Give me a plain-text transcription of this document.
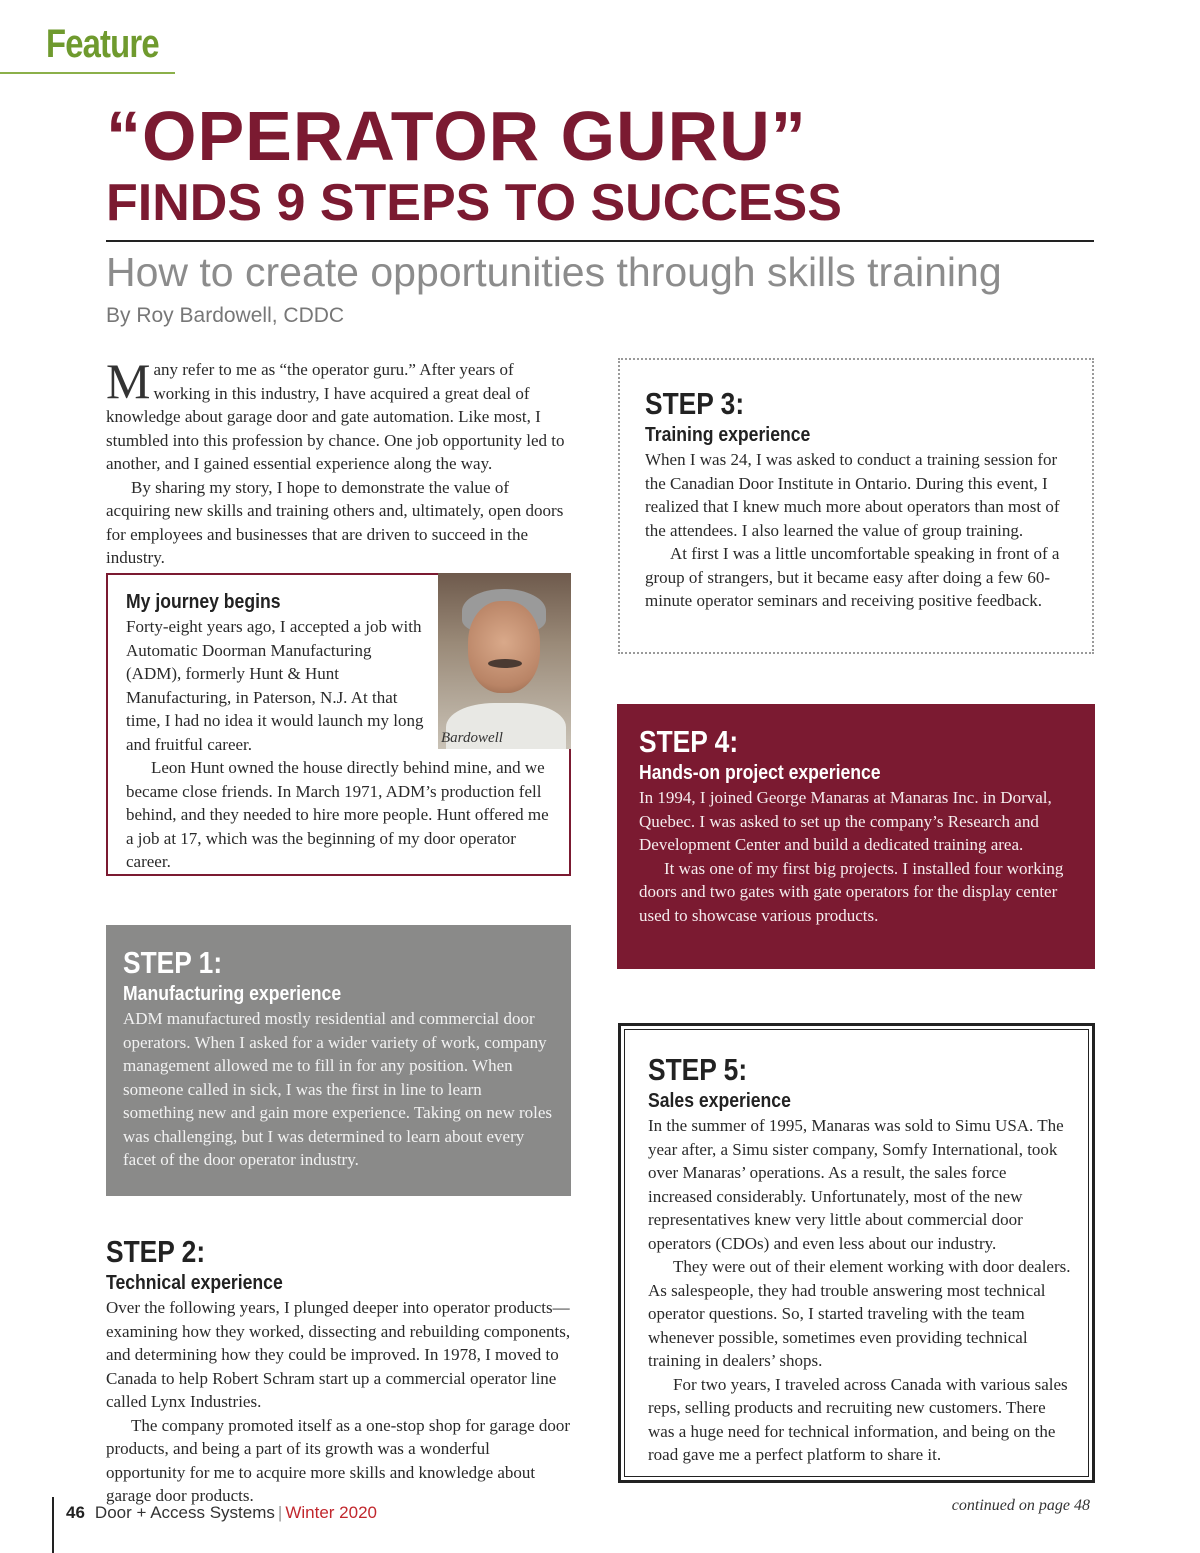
Feature
“OPERATOR GURU”
FINDS 9 STEPS TO SUCCESS
How to create opportunities through skills training
By Roy Bardowell, CDDC

Many refer to me as “the operator guru.” After years of working in this industry, I have acquired a great deal of knowledge about garage door and gate automation. Like most, I stumbled into this profession by chance. One job opportunity led to another, and I gained essential experience along the way.

By sharing my story, I hope to demonstrate the value of acquiring new skills and training others and, ultimately, open doors for employees and businesses that are driven to succeed in the industry.

Bardowell
My journey begins

Forty-eight years ago, I accepted a job with Automatic Doorman Manufacturing (ADM), formerly Hunt & Hunt Manufacturing, in Paterson, N.J. At that time, I had no idea it would launch my long and fruitful career.

Leon Hunt owned the house directly behind mine, and we became close friends. In March 1971, ADM’s production fell behind, and they needed to hire more people. Hunt offered me a job at 17, which was the beginning of my door operator career.

STEP 1:
Manufacturing experience

ADM manufactured mostly residential and commercial door operators. When I asked for a wider variety of work, company management allowed me to fill in for any position. When someone called in sick, I was the first in line to learn something new and gain more experience. Taking on new roles was challenging, but I was determined to learn about every facet of the door operator industry.

STEP 2:
Technical experience

Over the following years, I plunged deeper into operator products—examining how they worked, dissecting and rebuilding components, and determining how they could be improved. In 1978, I moved to Canada to help Robert Schram start up a commercial operator line called Lynx Industries.

The company promoted itself as a one-stop shop for garage door products, and being a part of its growth was a wonderful opportunity for me to acquire more skills and knowledge about garage door products.

STEP 3:
Training experience

When I was 24, I was asked to conduct a training session for the Canadian Door Institute in Ontario. During this event, I realized that I knew much more about operators than most of the attendees. I also learned the value of group training.

At first I was a little uncomfortable speaking in front of a group of strangers, but it became easy after doing a few 60-minute operator seminars and receiving positive feedback.

STEP 4:
Hands-on project experience

In 1994, I joined George Manaras at Manaras Inc. in Dorval, Quebec. I was asked to set up the company’s Research and Development Center and build a dedicated training area.

It was one of my first big projects. I installed four working doors and two gates with gate operators for the display center used to showcase various products.

STEP 5:
Sales experience

In the summer of 1995, Manaras was sold to Simu USA. The year after, a Simu sister company, Somfy International, took over Manaras’ operations. As a result, the sales force increased considerably. Unfortunately, most of the new representatives knew very little about commercial door operators (CDOs) and even less about our industry.

They were out of their element working with door dealers. As salespeople, they had trouble answering most technical operator questions. So, I started traveling with the team whenever possible, sometimes even providing technical training in dealers’ shops.

For two years, I traveled across Canada with various sales reps, selling products and recruiting new customers. There was a huge need for technical information, and being on the road gave me a perfect platform to share it.

46 Door + Access Systems | Winter 2020	continued on page 48
